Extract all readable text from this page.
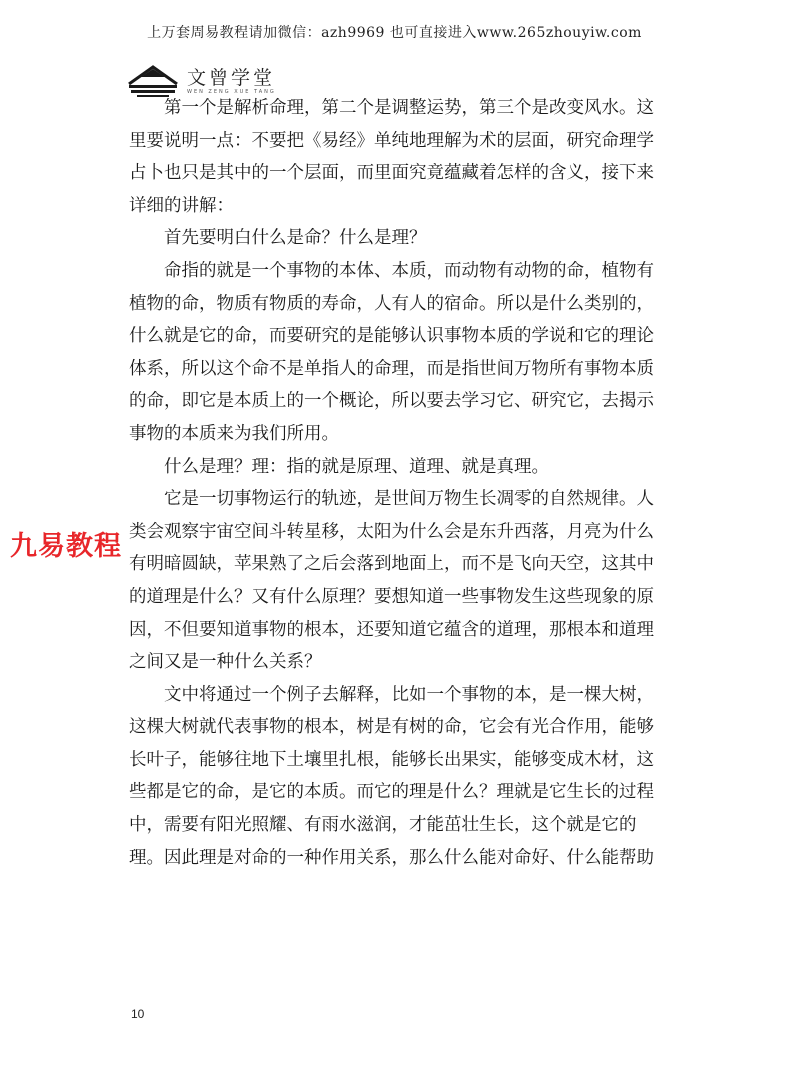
上万套周易教程请加微信：azh9969 也可直接进入www.265zhouyiw.com
文曾学堂
WEN ZENG XUE TANG

第一个是解析命理，第二个是调整运势，第三个是改变风水。这里要说明一点：不要把《易经》单纯地理解为术的层面，研究命理学占卜也只是其中的一个层面，而里面究竟蕴藏着怎样的含义，接下来详细的讲解：

首先要明白什么是命？什么是理？

命指的就是一个事物的本体、本质，而动物有动物的命，植物有植物的命，物质有物质的寿命，人有人的宿命。所以是什么类别的，什么就是它的命，而要研究的是能够认识事物本质的学说和它的理论体系，所以这个命不是单指人的命理，而是指世间万物所有事物本质的命，即它是本质上的一个概论，所以要去学习它、研究它，去揭示事物的本质来为我们所用。

什么是理？理：指的就是原理、道理、就是真理。

它是一切事物运行的轨迹，是世间万物生长凋零的自然规律。人类会观察宇宙空间斗转星移，太阳为什么会是东升西落，月亮为什么有明暗圆缺，苹果熟了之后会落到地面上，而不是飞向天空，这其中的道理是什么？又有什么原理？要想知道一些事物发生这些现象的原因，不但要知道事物的根本，还要知道它蕴含的道理，那根本和道理之间又是一种什么关系？

文中将通过一个例子去解释，比如一个事物的本，是一棵大树，这棵大树就代表事物的根本，树是有树的命，它会有光合作用，能够长叶子，能够往地下土壤里扎根，能够长出果实，能够变成木材，这些都是它的命，是它的本质。而它的理是什么？理就是它生长的过程中，需要有阳光照耀、有雨水滋润，才能茁壮生长，这个就是它的理。因此理是对命的一种作用关系，那么什么能对命好、什么能帮助

九易教程
10
